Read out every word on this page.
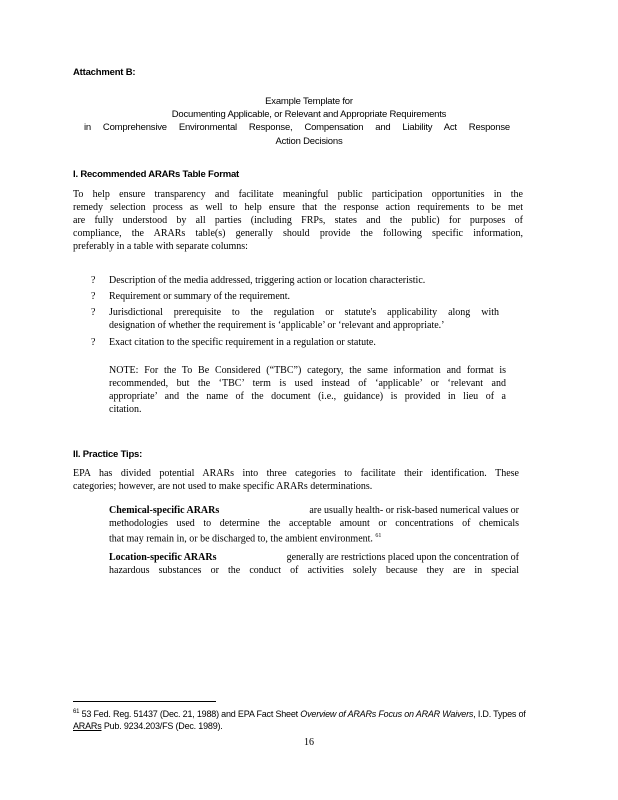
Attachment B:
Example Template for
Documenting Applicable, or Relevant and Appropriate Requirements
in Comprehensive Environmental Response, Compensation and Liability Act Response
Action Decisions
I. Recommended ARARs Table Format
To help ensure transparency and facilitate meaningful public participation opportunities in the
remedy selection process as well to help ensure that the response action requirements to be met
are fully understood by all parties (including FRPs, states and the public) for purposes of
compliance, the ARARs table(s) generally should provide the following specific information,
preferably in a table with separate columns:
? Description of the media addressed, triggering action or location characteristic.
? Requirement or summary of the requirement.
? Jurisdictional prerequisite to the regulation or statute's applicability along with
designation of whether the requirement is ‘applicable’ or ‘relevant and appropriate.’
? Exact citation to the specific requirement in a regulation or statute.
NOTE: For the To Be Considered (“TBC”) category, the same information and format is
recommended, but the ‘TBC’ term is used instead of ‘applicable’ or ‘relevant and
appropriate’ and the name of the document (i.e., guidance) is provided in lieu of a
citation.
II. Practice Tips:
EPA has divided potential ARARs into three categories to facilitate their identification. These
categories; however, are not used to make specific ARARs determinations.
Chemical-specific ARARs	are usually health- or risk-based numerical values or
methodologies used to determine the acceptable amount or concentrations of chemicals
that may remain in, or be discharged to, the ambient environment. $^{61}$
Location-specific ARARs	generally are restrictions placed upon the concentration of
hazardous substances or the conduct of activities solely because they are in special
$^{61}$ 53 Fed. Reg. 51437 (Dec. 21, 1988) and EPA Fact Sheet Overview of ARARs Focus on ARAR Waivers, I.D. Types of
ARARs Pub. 9234.203/FS (Dec. 1989).
16
